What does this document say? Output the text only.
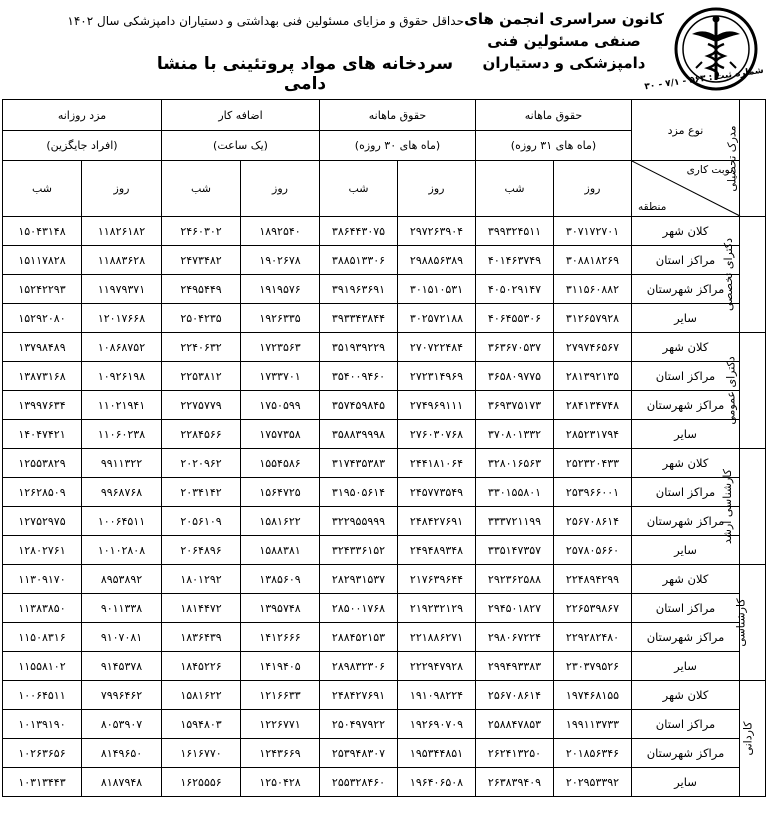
کانون سراسری انجمن های
صنفی مسئولین فنی
دامپزشکی و دستیاران
شماره ثبت : ۵۶۳ - ۷/۱ - ۳۰
حداقل حقوق و مزایای مسئولین فنی بهداشتی و دستیاران دامپزشکی سال ۱۴۰۲
سردخانه های مواد پروتئینی با منشا دامی
مدرک تحصیلی	نوع مزد	حقوق ماهانه		حقوق ماهانه		اضافه کار		مزد روزانه	
		(ماه های ۳۱ روزه)		(ماه های ۳۰ روزه)		(یک ساعت)		(افراد جایگزین)	

	نوبت کاری
منطقه	روز	شب	روز	شب	روز	شب	روز	شب
دکترای تخصصی	کلان شهر	۳۰۷۱۷۲۷۰۱	۳۹۹۳۲۴۵۱۱	۲۹۷۲۶۳۹۰۴	۳۸۶۴۴۳۰۷۵	۱۸۹۲۵۴۰	۲۴۶۰۳۰۲	۱۱۸۲۶۱۸۲	۱۵۰۴۳۱۴۸
	مراکز استان	۳۰۸۸۱۸۲۶۹	۴۰۱۴۶۳۷۴۹	۲۹۸۸۵۶۳۸۹	۳۸۸۵۱۳۳۰۶	۱۹۰۲۶۷۸	۲۴۷۳۴۸۲	۱۱۸۸۳۶۲۸	۱۵۱۱۷۸۲۸
	مراکز شهرستان	۳۱۱۵۶۰۸۸۲	۴۰۵۰۲۹۱۴۷	۳۰۱۵۱۰۵۳۱	۳۹۱۹۶۳۶۹۱	۱۹۱۹۵۷۶	۲۴۹۵۴۴۹	۱۱۹۷۹۳۷۱	۱۵۲۴۲۲۹۳
	سایر	۳۱۲۶۵۷۹۲۸	۴۰۶۴۵۵۳۰۶	۳۰۲۵۷۲۱۸۸	۳۹۳۳۴۳۸۴۴	۱۹۲۶۳۳۵	۲۵۰۴۲۳۵	۱۲۰۱۷۶۶۸	۱۵۲۹۲۰۸۰
دکترای عمومی	کلان شهر	۲۷۹۷۴۶۵۶۷	۳۶۳۶۷۰۵۳۷	۲۷۰۷۲۲۴۸۴	۳۵۱۹۳۹۲۲۹	۱۷۲۳۵۶۳	۲۲۴۰۶۳۲	۱۰۸۶۸۷۵۲	۱۳۷۹۸۴۸۹
	مراکز استان	۲۸۱۳۹۲۱۳۵	۳۶۵۸۰۹۷۷۵	۲۷۲۳۱۴۹۶۹	۳۵۴۰۰۹۴۶۰	۱۷۳۳۷۰۱	۲۲۵۳۸۱۲	۱۰۹۲۶۱۹۸	۱۳۸۷۳۱۶۸
	مراکز شهرستان	۲۸۴۱۳۴۷۴۸	۳۶۹۳۷۵۱۷۳	۲۷۴۹۶۹۱۱۱	۳۵۷۴۵۹۸۴۵	۱۷۵۰۵۹۹	۲۲۷۵۷۷۹	۱۱۰۲۱۹۴۱	۱۳۹۹۷۶۳۴
	سایر	۲۸۵۲۳۱۷۹۴	۳۷۰۸۰۱۳۳۲	۲۷۶۰۳۰۷۶۸	۳۵۸۸۳۹۹۹۸	۱۷۵۷۳۵۸	۲۲۸۴۵۶۶	۱۱۰۶۰۲۳۸	۱۴۰۴۷۴۲۱
کارشناسی ارشد	کلان شهر	۲۵۲۳۲۰۴۳۳	۳۲۸۰۱۶۵۶۳	۲۴۴۱۸۱۰۶۴	۳۱۷۴۳۵۳۸۳	۱۵۵۴۵۸۶	۲۰۲۰۹۶۲	۹۹۱۱۳۲۲	۱۲۵۵۳۸۲۹
	مراکز استان	۲۵۳۹۶۶۰۰۱	۳۳۰۱۵۵۸۰۱	۲۴۵۷۷۳۵۴۹	۳۱۹۵۰۵۶۱۴	۱۵۶۴۷۲۵	۲۰۳۴۱۴۲	۹۹۶۸۷۶۸	۱۲۶۲۸۵۰۹
	مراکز شهرستان	۲۵۶۷۰۸۶۱۴	۳۳۳۷۲۱۱۹۹	۲۴۸۴۲۷۶۹۱	۳۲۲۹۵۵۹۹۹	۱۵۸۱۶۲۲	۲۰۵۶۱۰۹	۱۰۰۶۴۵۱۱	۱۲۷۵۲۹۷۵
	سایر	۲۵۷۸۰۵۶۶۰	۳۳۵۱۴۷۳۵۷	۲۴۹۴۸۹۳۴۸	۳۲۴۳۳۶۱۵۲	۱۵۸۸۳۸۱	۲۰۶۴۸۹۶	۱۰۱۰۲۸۰۸	۱۲۸۰۲۷۶۱
کارشناسی	کلان شهر	۲۲۴۸۹۴۲۹۹	۲۹۲۳۶۲۵۸۸	۲۱۷۶۳۹۶۴۴	۲۸۲۹۳۱۵۳۷	۱۳۸۵۶۰۹	۱۸۰۱۲۹۲	۸۹۵۳۸۹۲	۱۱۳۰۹۱۷۰
	مراکز استان	۲۲۶۵۳۹۸۶۷	۲۹۴۵۰۱۸۲۷	۲۱۹۲۳۲۱۲۹	۲۸۵۰۰۱۷۶۸	۱۳۹۵۷۴۸	۱۸۱۴۴۷۲	۹۰۱۱۳۳۸	۱۱۳۸۳۸۵۰
	مراکز شهرستان	۲۲۹۲۸۲۴۸۰	۲۹۸۰۶۷۲۲۴	۲۲۱۸۸۶۲۷۱	۲۸۸۴۵۲۱۵۳	۱۴۱۲۶۶۶	۱۸۳۶۴۳۹	۹۱۰۷۰۸۱	۱۱۵۰۸۳۱۶
	سایر	۲۳۰۳۷۹۵۲۶	۲۹۹۴۹۳۳۸۳	۲۲۲۹۴۷۹۲۸	۲۸۹۸۳۲۳۰۶	۱۴۱۹۴۰۵	۱۸۴۵۲۲۶	۹۱۴۵۳۷۸	۱۱۵۵۸۱۰۲
کاردانی	کلان شهر	۱۹۷۴۶۸۱۵۵	۲۵۶۷۰۸۶۱۴	۱۹۱۰۹۸۲۲۴	۲۴۸۴۲۷۶۹۱	۱۲۱۶۶۳۳	۱۵۸۱۶۲۲	۷۹۹۶۴۶۲	۱۰۰۶۴۵۱۱
	مراکز استان	۱۹۹۱۱۳۷۳۳	۲۵۸۸۴۷۸۵۳	۱۹۲۶۹۰۷۰۹	۲۵۰۴۹۷۹۲۲	۱۲۲۶۷۷۱	۱۵۹۴۸۰۳	۸۰۵۳۹۰۷	۱۰۱۳۹۱۹۰
	مراکز شهرستان	۲۰۱۸۵۶۳۴۶	۲۶۲۴۱۳۲۵۰	۱۹۵۳۴۴۸۵۱	۲۵۳۹۴۸۳۰۷	۱۲۴۳۶۶۹	۱۶۱۶۷۷۰	۸۱۴۹۶۵۰	۱۰۲۶۳۶۵۶
	سایر	۲۰۲۹۵۳۳۹۲	۲۶۳۸۳۹۴۰۹	۱۹۶۴۰۶۵۰۸	۲۵۵۳۲۸۴۶۰	۱۲۵۰۴۲۸	۱۶۲۵۵۵۶	۸۱۸۷۹۴۸	۱۰۳۱۳۴۴۳
